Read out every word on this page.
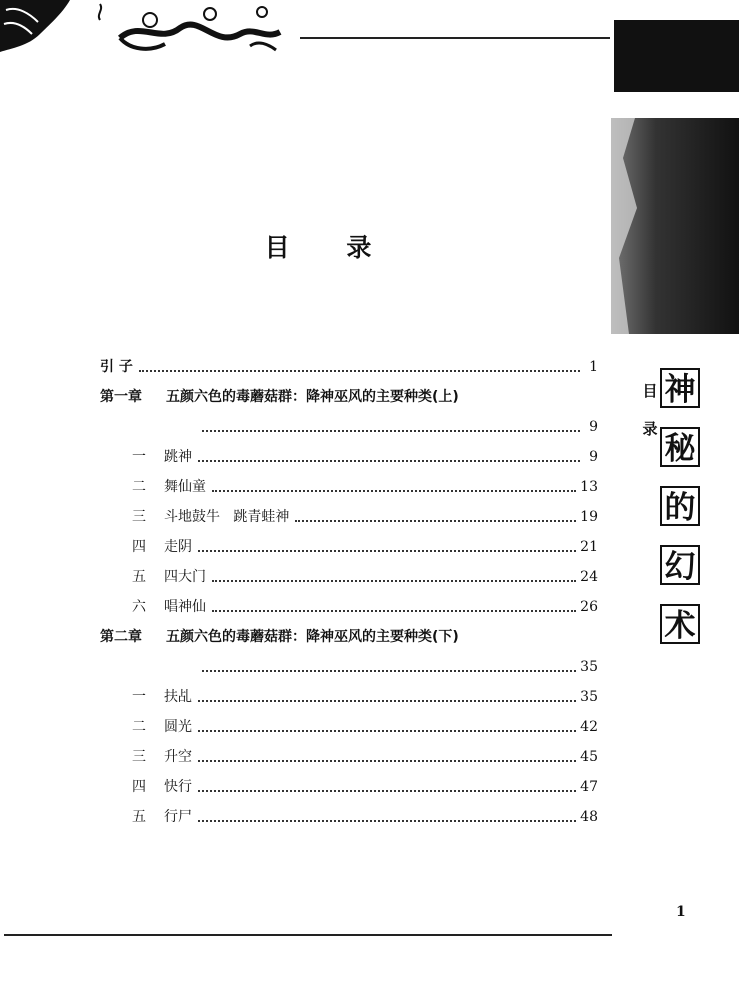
目 录
目录
神
秘
的
幻
术
引 子	1
第一章	五颜六色的毒蘑菇群：降神巫风的主要种类(上)
9
一	跳神	9
二	舞仙童	13
三	斗地鼓牛   跳青蛙神	19
四	走阴	21
五	四大门	24
六	唱神仙	26
第二章	五颜六色的毒蘑菇群：降神巫风的主要种类(下)
35
一	扶乩	35
二	圆光	42
三	升空	45
四	快行	47
五	行尸	48
1
